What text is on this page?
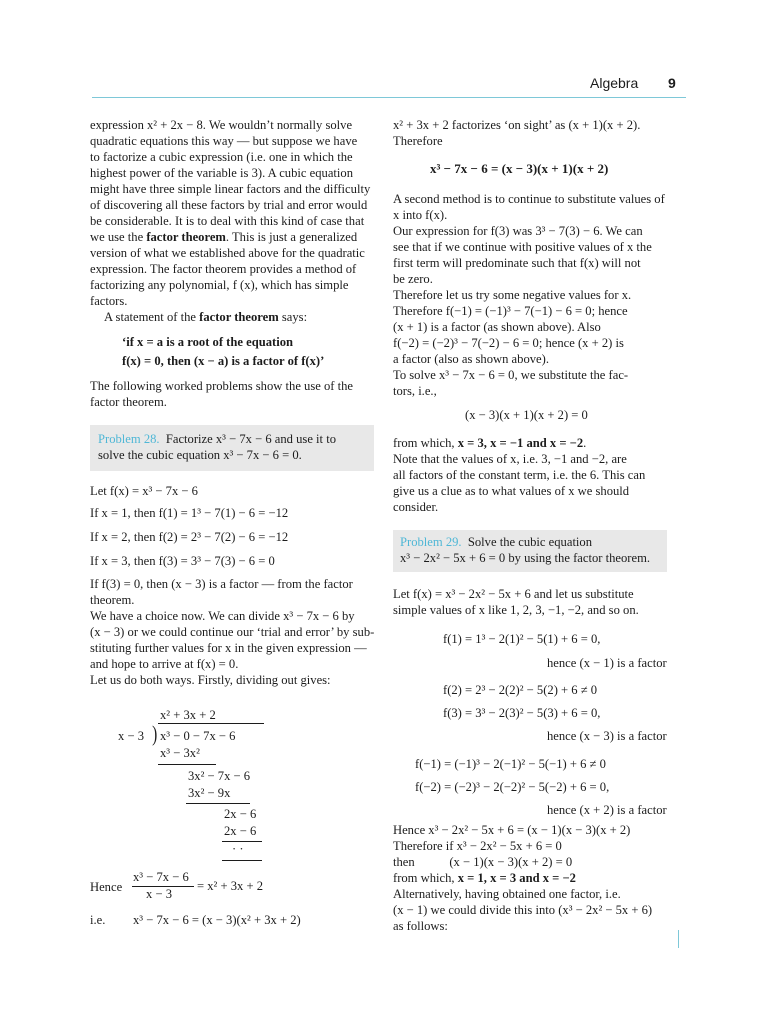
Algebra 9
expression x² + 2x − 8. We wouldn’t normally solve
quadratic equations this way — but suppose we have
to factorize a cubic expression (i.e. one in which the
highest power of the variable is 3). A cubic equation
might have three simple linear factors and the difficulty
of discovering all these factors by trial and error would
be considerable. It is to deal with this kind of case that
we use the factor theorem. This is just a generalized
version of what we established above for the quadratic
expression. The factor theorem provides a method of
factorizing any polynomial, f (x), which has simple
factors.
A statement of the factor theorem says:
‘if x = a is a root of the equation
f(x) = 0, then (x − a) is a factor of f(x)’
The following worked problems show the use of the
factor theorem.
Problem 28. Factorize x³ − 7x − 6 and use it to
solve the cubic equation x³ − 7x − 6 = 0.
Let f(x) = x³ − 7x − 6
If x = 1, then f(1) = 1³ − 7(1) − 6 = −12
If x = 2, then f(2) = 2³ − 7(2) − 6 = −12
If x = 3, then f(3) = 3³ − 7(3) − 6 = 0
If f(3) = 0, then (x − 3) is a factor — from the factor
theorem.
We have a choice now. We can divide x³ − 7x − 6 by
(x − 3) or we could continue our ‘trial and error’ by sub-
stituting further values for x in the given expression —
and hope to arrive at f(x) = 0.
Let us do both ways. Firstly, dividing out gives:
x² + 3x + 2
x − 3 ) x³ − 0 − 7x − 6
x³ − 3x²
3x² − 7x − 6
3x² − 9x
2x − 6
2x − 6
· ·
Hence
x³ − 7x − 6
x − 3
= x² + 3x + 2
i.e. x³ − 7x − 6 = (x − 3)(x² + 3x + 2)
x² + 3x + 2 factorizes ‘on sight’ as (x + 1)(x + 2).
Therefore
x³ − 7x − 6 = (x − 3)(x + 1)(x + 2)
A second method is to continue to substitute values of
x into f(x).
Our expression for f(3) was 3³ − 7(3) − 6. We can
see that if we continue with positive values of x the
first term will predominate such that f(x) will not
be zero.
Therefore let us try some negative values for x.
Therefore f(−1) = (−1)³ − 7(−1) − 6 = 0; hence
(x + 1) is a factor (as shown above). Also
f(−2) = (−2)³ − 7(−2) − 6 = 0; hence (x + 2) is
a factor (also as shown above).
To solve x³ − 7x − 6 = 0, we substitute the fac-
tors, i.e.,
(x − 3)(x + 1)(x + 2) = 0
from which, x = 3, x = −1 and x = −2.
Note that the values of x, i.e. 3, −1 and −2, are
all factors of the constant term, i.e. the 6. This can
give us a clue as to what values of x we should
consider.
Problem 29. Solve the cubic equation
x³ − 2x² − 5x + 6 = 0 by using the factor theorem.
Let f(x) = x³ − 2x² − 5x + 6 and let us substitute
simple values of x like 1, 2, 3, −1, −2, and so on.
f(1) = 1³ − 2(1)² − 5(1) + 6 = 0,
hence (x − 1) is a factor
f(2) = 2³ − 2(2)² − 5(2) + 6 ≠ 0
f(3) = 3³ − 2(3)² − 5(3) + 6 = 0,
hence (x − 3) is a factor
f(−1) = (−1)³ − 2(−1)² − 5(−1) + 6 ≠ 0
f(−2) = (−2)³ − 2(−2)² − 5(−2) + 6 = 0,
hence (x + 2) is a factor
Hence x³ − 2x² − 5x + 6 = (x − 1)(x − 3)(x + 2)
Therefore if x³ − 2x² − 5x + 6 = 0
then           (x − 1)(x − 3)(x + 2) = 0
from which, x = 1, x = 3 and x = −2
Alternatively, having obtained one factor, i.e.
(x − 1) we could divide this into (x³ − 2x² − 5x + 6)
as follows:
